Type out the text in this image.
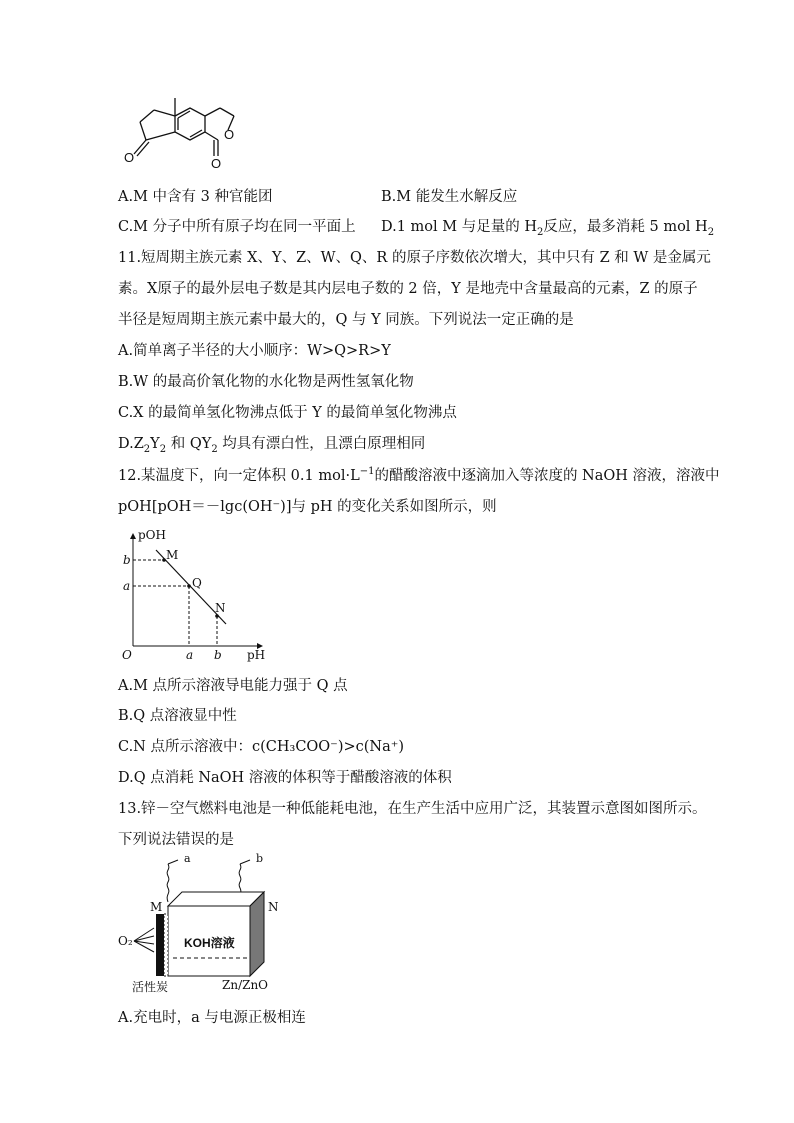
O	O
O
A.M 中含有 3 种官能团	B.M 能发生水解反应
C.M 分子中所有原子均在同一平面上 D.1 mol M 与足量的 $H_2$反应，最多消耗 5 mol $H_2$
11.短周期主族元素 X、Y、Z、W、Q、R 的原子序数依次增大，其中只有 Z 和 W 是金属元
素。X原子的最外层电子数是其内层电子数的 2 倍，Y 是地壳中含量最高的元素，Z 的原子
半径是短周期主族元素中最大的，Q 与 Y 同族。下列说法一定正确的是
A.简单离子半径的大小顺序：W>Q>R>Y
B.W 的最高价氧化物的水化物是两性氢氧化物
C.X 的最简单氢化物沸点低于 Y 的最简单氢化物沸点
$D.Z_2Y_2$ 和 $QY_2$ 均具有漂白性，且漂白原理相同
12.某温度下，向一定体积 0.1 $mol\cdot L^{-1}$的醋酸溶液中逐滴加入等浓度的 NaOH 溶液，溶液中
pOH[pOH＝－lgc(OH⁻)]与 pH 的变化关系如图所示，则
pOH
pH
O
b
a
a b
M
Q
N
A.M 点所示溶液导电能力强于 Q 点
B.Q 点溶液显中性
C.N 点所示溶液中：c(CH₃COO⁻)>c(Na⁺)
D.Q 点消耗 NaOH 溶液的体积等于醋酸溶液的体积
13.锌－空气燃料电池是一种低能耗电池，在生产生活中应用广泛，其装置示意图如图所示。
下列说法错误的是
a	b
M	N
O₂	KOH溶液
活性炭	Zn/ZnO
A.充电时，a 与电源正极相连
